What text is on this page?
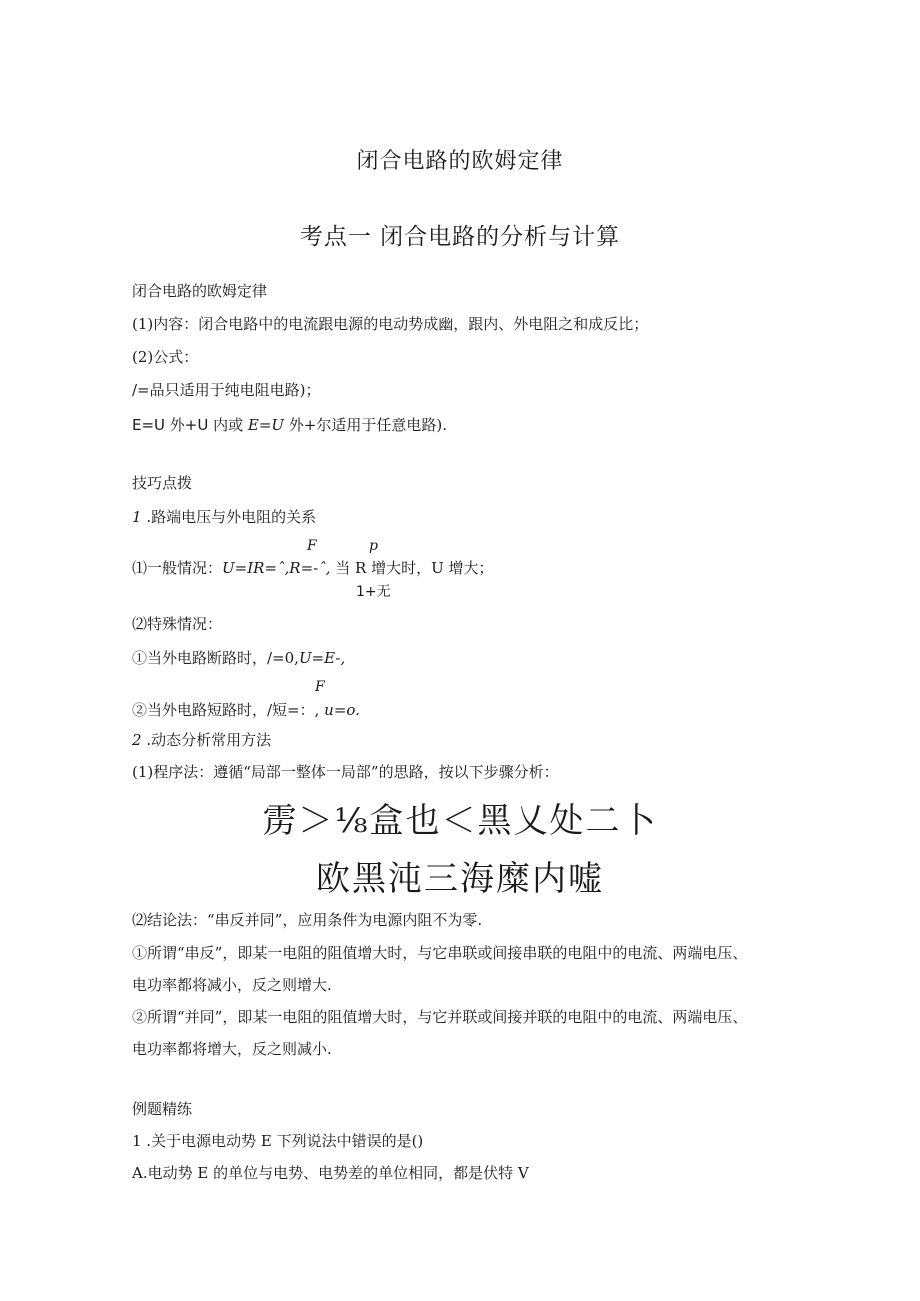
闭合电路的欧姆定律
考点一 闭合电路的分析与计算
闭合电路的欧姆定律
(1)内容：闭合电路中的电流跟电源的电动势成幽，跟内、外电阻之和成反比；
(2)公式：
/=品只适用于纯电阻电路)；
E=U 外+U 内或 E=U 外+尔适用于任意电路).
技巧点拨
1 .路端电压与外电阻的关系
F	p
⑴一般情况：U=IR=ˆ,R=-ˆ, 当 R 增大时，U 增大；
1+无
⑵特殊情况：
①当外电路断路时，/=0,U=E-,
F
②当外电路短路时，/短=：, u=o.
2 .动态分析常用方法
(1)程序法：遵循“局部一整体一局部”的思路，按以下步骤分析：
雳＞⅛盒也＜黑乂处二卜
欧黑沌三海糜内嘘
⑵结论法：“串反并同”，应用条件为电源内阻不为零.
①所谓“串反”，即某一电阻的阻值增大时，与它串联或间接串联的电阻中的电流、两端电压、
电功率都将减小，反之则增大.
②所谓“并同”，即某一电阻的阻值增大时，与它并联或间接并联的电阻中的电流、两端电压、
电功率都将增大，反之则减小.
例题精练
1 .关于电源电动势 E 下列说法中错误的是()
A.电动势 E 的单位与电势、电势差的单位相同，都是伏特 V
